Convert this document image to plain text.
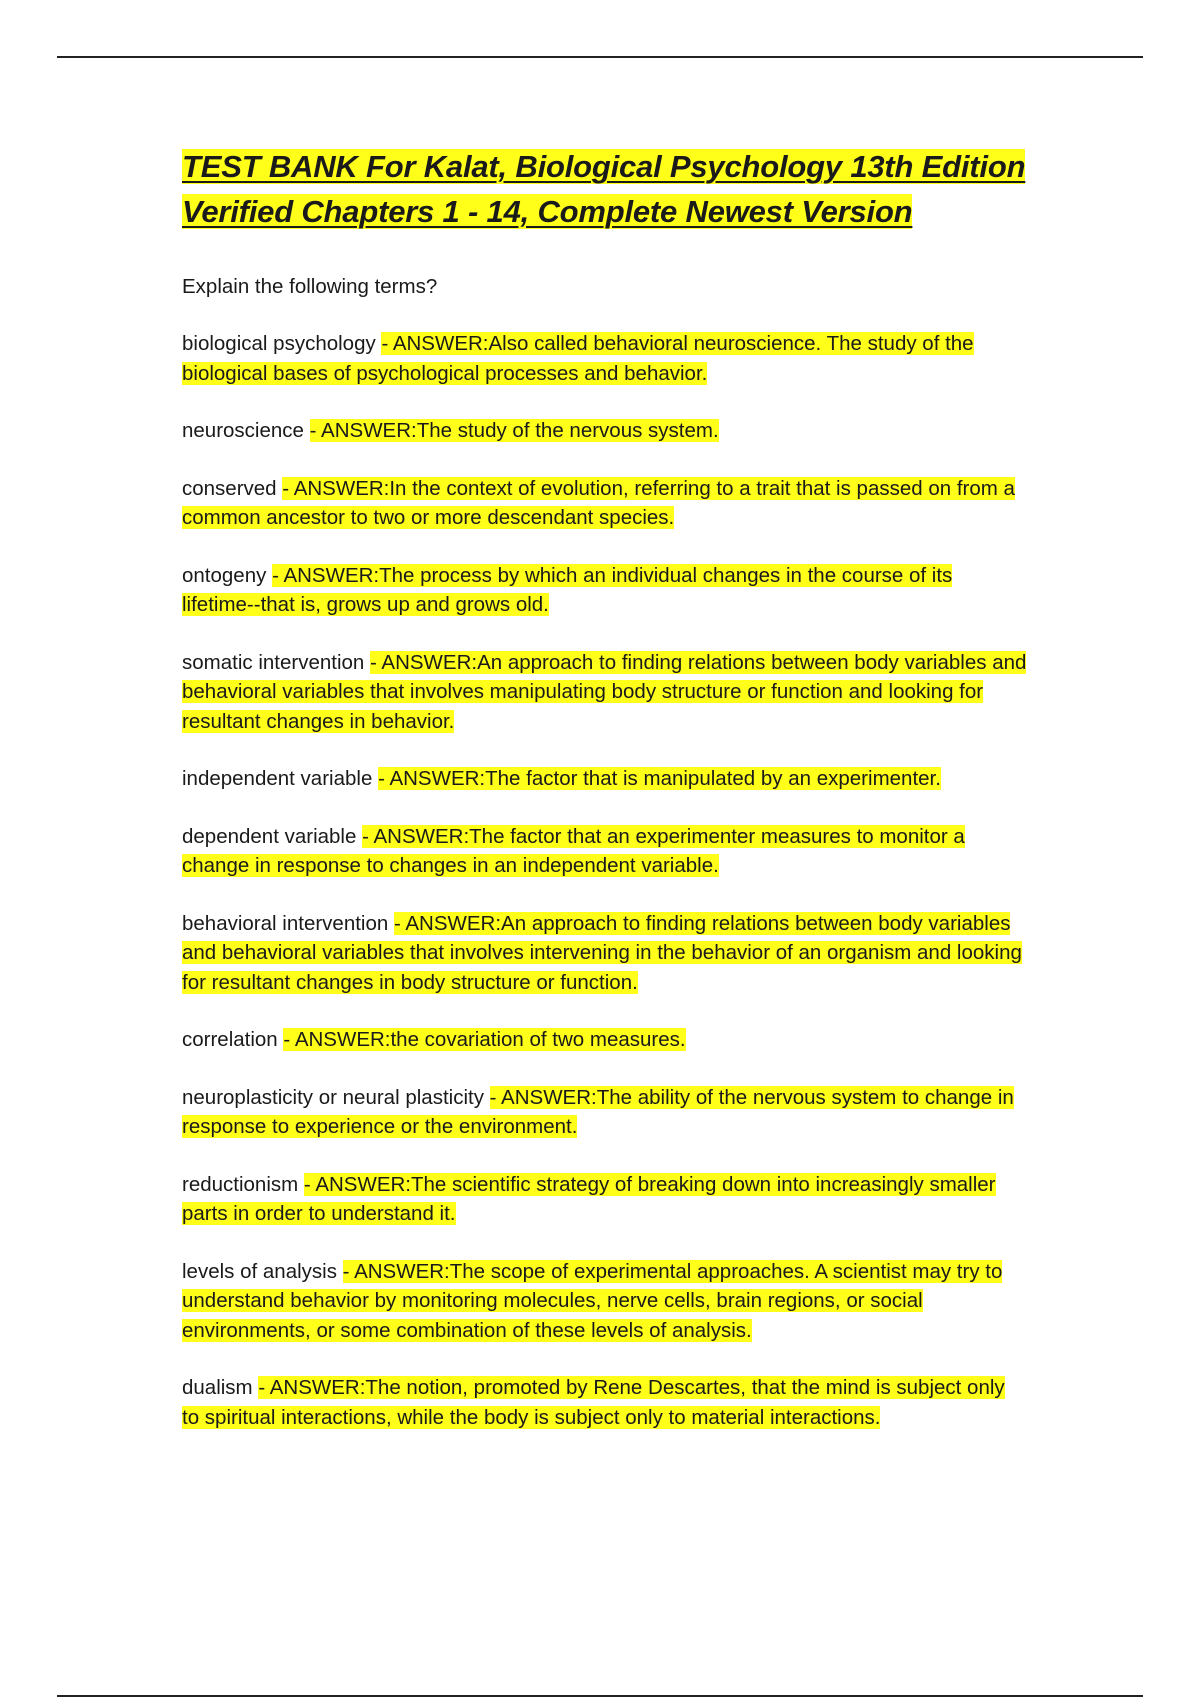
TEST BANK For Kalat, Biological Psychology 13th Edition Verified Chapters 1 - 14, Complete Newest Version

Explain the following terms?

biological psychology - ANSWER:Also called behavioral neuroscience. The study of the biological bases of psychological processes and behavior.

neuroscience - ANSWER:The study of the nervous system.

conserved - ANSWER:In the context of evolution, referring to a trait that is passed on from a common ancestor to two or more descendant species.

ontogeny - ANSWER:The process by which an individual changes in the course of its lifetime--that is, grows up and grows old.

somatic intervention - ANSWER:An approach to finding relations between body variables and behavioral variables that involves manipulating body structure or function and looking for resultant changes in behavior.

independent variable - ANSWER:The factor that is manipulated by an experimenter.

dependent variable - ANSWER:The factor that an experimenter measures to monitor a change in response to changes in an independent variable.

behavioral intervention - ANSWER:An approach to finding relations between body variables and behavioral variables that involves intervening in the behavior of an organism and looking for resultant changes in body structure or function.

correlation - ANSWER:the covariation of two measures.

neuroplasticity or neural plasticity - ANSWER:The ability of the nervous system to change in response to experience or the environment.

reductionism - ANSWER:The scientific strategy of breaking down into increasingly smaller parts in order to understand it.

levels of analysis - ANSWER:The scope of experimental approaches. A scientist may try to understand behavior by monitoring molecules, nerve cells, brain regions, or social environments, or some combination of these levels of analysis.

dualism - ANSWER:The notion, promoted by Rene Descartes, that the mind is subject only to spiritual interactions, while the body is subject only to material interactions.
